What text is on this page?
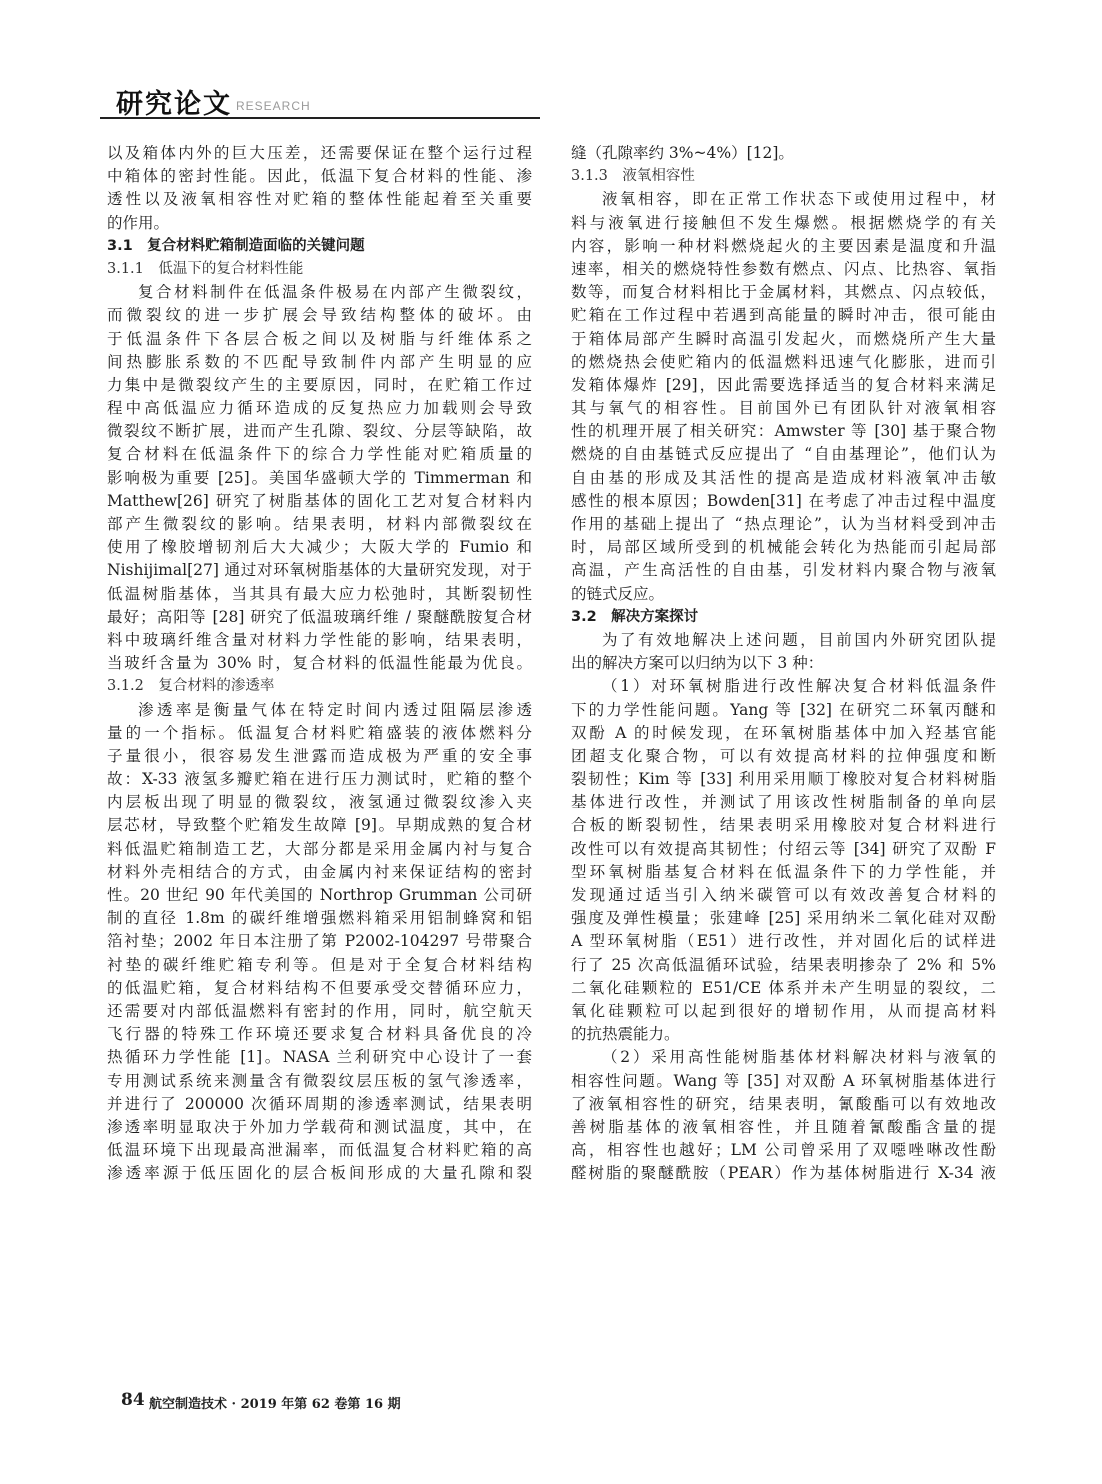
研究论文 RESEARCH
以及箱体内外的巨大压差，还需要保证在整个运行过程
中箱体的密封性能。因此，低温下复合材料的性能、渗
透性以及液氧相容性对贮箱的整体性能起着至关重要
的作用。
3.1　复合材料贮箱制造面临的关键问题
3.1.1　低温下的复合材料性能
复合材料制件在低温条件极易在内部产生微裂纹，
而微裂纹的进一步扩展会导致结构整体的破坏。由
于低温条件下各层合板之间以及树脂与纤维体系之
间热膨胀系数的不匹配导致制件内部产生明显的应
力集中是微裂纹产生的主要原因，同时，在贮箱工作过
程中高低温应力循环造成的反复热应力加载则会导致
微裂纹不断扩展，进而产生孔隙、裂纹、分层等缺陷，故
复合材料在低温条件下的综合力学性能对贮箱质量的
影响极为重要 [25]。美国华盛顿大学的 Timmerman 和
Matthew[26] 研究了树脂基体的固化工艺对复合材料内
部产生微裂纹的影响。结果表明，材料内部微裂纹在
使用了橡胶增韧剂后大大减少；大阪大学的 Fumio 和
Nishijimal[27] 通过对环氧树脂基体的大量研究发现，对于
低温树脂基体，当其具有最大应力松弛时，其断裂韧性
最好；高阳等 [28] 研究了低温玻璃纤维 / 聚醚酰胺复合材
料中玻璃纤维含量对材料力学性能的影响，结果表明，
当玻纤含量为 30% 时，复合材料的低温性能最为优良。
3.1.2　复合材料的渗透率
渗透率是衡量气体在特定时间内透过阻隔层渗透
量的一个指标。低温复合材料贮箱盛装的液体燃料分
子量很小，很容易发生泄露而造成极为严重的安全事
故：X-33 液氢多瓣贮箱在进行压力测试时，贮箱的整个
内层板出现了明显的微裂纹，液氢通过微裂纹渗入夹
层芯材，导致整个贮箱发生故障 [9]。早期成熟的复合材
料低温贮箱制造工艺，大部分都是采用金属内衬与复合
材料外壳相结合的方式，由金属内衬来保证结构的密封
性。20 世纪 90 年代美国的 Northrop Grumman 公司研
制的直径 1.8m 的碳纤维增强燃料箱采用铝制蜂窝和铝
箔衬垫；2002 年日本注册了第 P2002-104297 号带聚合
衬垫的碳纤维贮箱专利等。但是对于全复合材料结构
的低温贮箱，复合材料结构不但要承受交替循环应力，
还需要对内部低温燃料有密封的作用，同时，航空航天
飞行器的特殊工作环境还要求复合材料具备优良的冷
热循环力学性能 [1]。NASA 兰利研究中心设计了一套
专用测试系统来测量含有微裂纹层压板的氢气渗透率，
并进行了 200000 次循环周期的渗透率测试，结果表明
渗透率明显取决于外加力学载荷和测试温度，其中，在
低温环境下出现最高泄漏率，而低温复合材料贮箱的高
渗透率源于低压固化的层合板间形成的大量孔隙和裂
缝（孔隙率约 3%~4%）[12]。
3.1.3　液氧相容性
液氧相容，即在正常工作状态下或使用过程中，材
料与液氧进行接触但不发生爆燃。根据燃烧学的有关
内容，影响一种材料燃烧起火的主要因素是温度和升温
速率，相关的燃烧特性参数有燃点、闪点、比热容、氧指
数等，而复合材料相比于金属材料，其燃点、闪点较低，
贮箱在工作过程中若遇到高能量的瞬时冲击，很可能由
于箱体局部产生瞬时高温引发起火，而燃烧所产生大量
的燃烧热会使贮箱内的低温燃料迅速气化膨胀，进而引
发箱体爆炸 [29]，因此需要选择适当的复合材料来满足
其与氧气的相容性。目前国外已有团队针对液氧相容
性的机理开展了相关研究：Amwster 等 [30] 基于聚合物
燃烧的自由基链式反应提出了 “自由基理论”，他们认为
自由基的形成及其活性的提高是造成材料液氧冲击敏
感性的根本原因；Bowden[31] 在考虑了冲击过程中温度
作用的基础上提出了 “热点理论”，认为当材料受到冲击
时，局部区域所受到的机械能会转化为热能而引起局部
高温，产生高活性的自由基，引发材料内聚合物与液氧
的链式反应。
3.2　解决方案探讨
为了有效地解决上述问题，目前国内外研究团队提
出的解决方案可以归纳为以下 3 种：
（1）对环氧树脂进行改性解决复合材料低温条件
下的力学性能问题。Yang 等 [32] 在研究二环氧丙醚和
双酚 A 的时候发现，在环氧树脂基体中加入羟基官能
团超支化聚合物，可以有效提高材料的拉伸强度和断
裂韧性；Kim 等 [33] 利用采用顺丁橡胶对复合材料树脂
基体进行改性，并测试了用该改性树脂制备的单向层
合板的断裂韧性，结果表明采用橡胶对复合材料进行
改性可以有效提高其韧性；付绍云等 [34] 研究了双酚 F
型环氧树脂基复合材料在低温条件下的力学性能，并
发现通过适当引入纳米碳管可以有效改善复合材料的
强度及弹性模量；张建峰 [25] 采用纳米二氧化硅对双酚
A 型环氧树脂（E51）进行改性，并对固化后的试样进
行了 25 次高低温循环试验，结果表明掺杂了 2% 和 5%
二氧化硅颗粒的 E51/CE 体系并未产生明显的裂纹，二
氧化硅颗粒可以起到很好的增韧作用，从而提高材料
的抗热震能力。
（2）采用高性能树脂基体材料解决材料与液氧的
相容性问题。Wang 等 [35] 对双酚 A 环氧树脂基体进行
了液氧相容性的研究，结果表明，氰酸酯可以有效地改
善树脂基体的液氧相容性，并且随着氰酸酯含量的提
高，相容性也越好；LM 公司曾采用了双噁唑啉改性酚
醛树脂的聚醚酰胺（PEAR）作为基体树脂进行 X-34 液
84 航空制造技术 · 2019 年第 62 卷第 16 期
